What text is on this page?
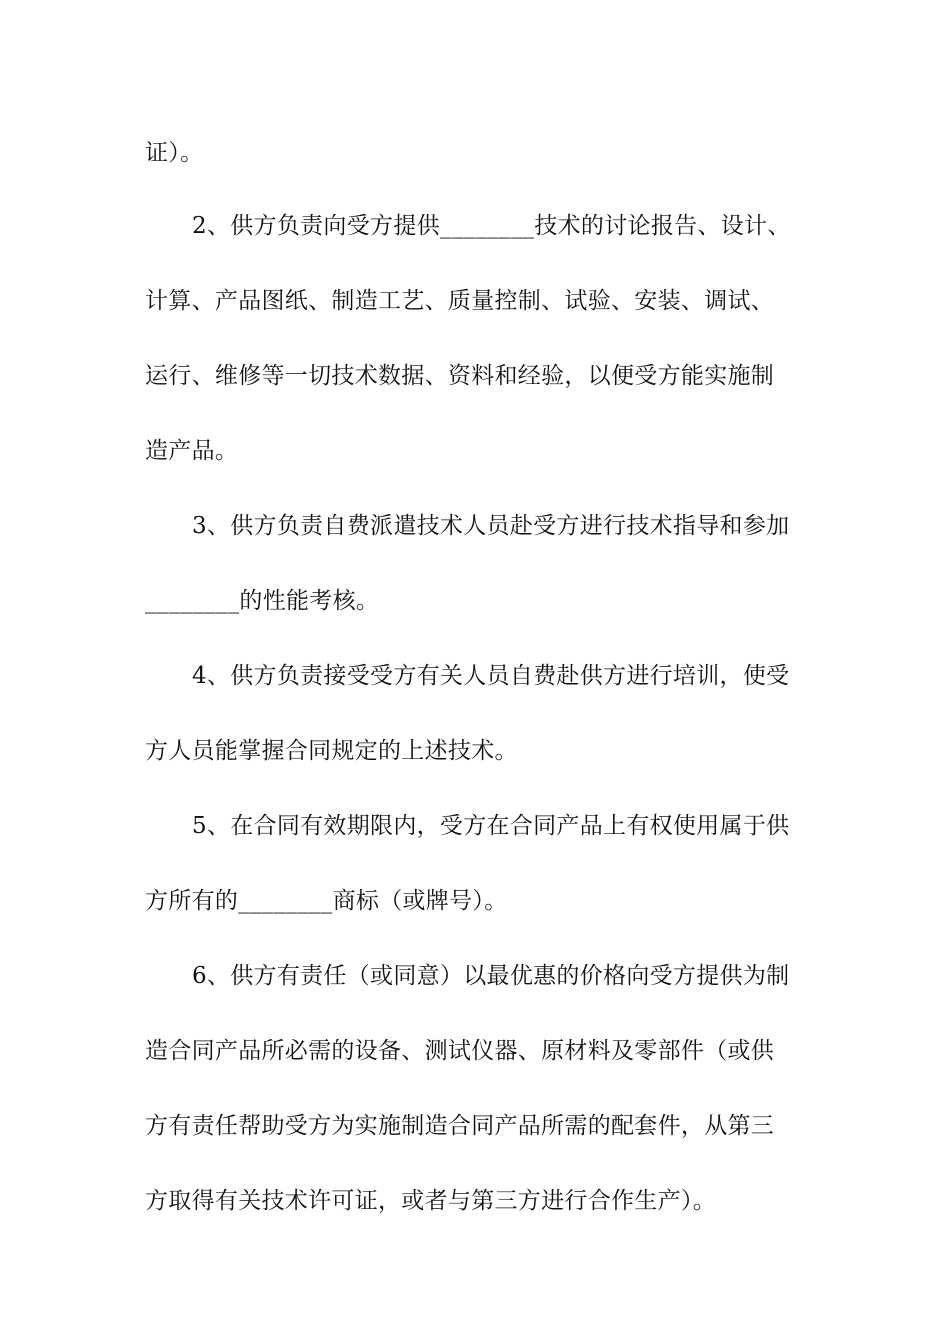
证）。
2、供方负责向受方提供________技术的讨论报告、设计、
计算、产品图纸、制造工艺、质量控制、试验、安装、调试、
运行、维修等一切技术数据、资料和经验，以便受方能实施制
造产品。
3、供方负责自费派遣技术人员赴受方进行技术指导和参加
________的性能考核。
4、供方负责接受受方有关人员自费赴供方进行培训，使受
方人员能掌握合同规定的上述技术。
5、在合同有效期限内，受方在合同产品上有权使用属于供
方所有的________商标（或牌号）。
6、供方有责任（或同意）以最优惠的价格向受方提供为制
造合同产品所必需的设备、测试仪器、原材料及零部件（或供
方有责任帮助受方为实施制造合同产品所需的配套件，从第三
方取得有关技术许可证，或者与第三方进行合作生产）。
